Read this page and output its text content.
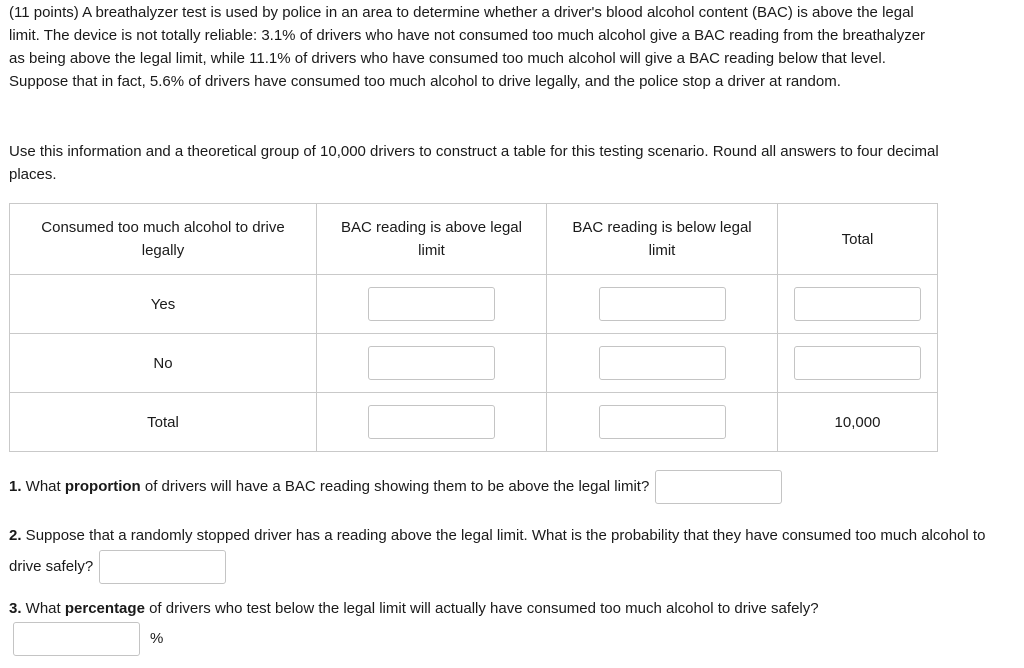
(11 points) A breathalyzer test is used by police in an area to determine whether a driver's blood alcohol content (BAC) is above the legal limit. The device is not totally reliable: 3.1% of drivers who have not consumed too much alcohol give a BAC reading from the breathalyzer as being above the legal limit, while 11.1% of drivers who have consumed too much alcohol will give a BAC reading below that level. Suppose that in fact, 5.6% of drivers have consumed too much alcohol to drive legally, and the police stop a driver at random.

Use this information and a theoretical group of 10,000 drivers to construct a table for this testing scenario. Round all answers to four decimal places.

Consumed too much alcohol to drive legally	BAC reading is above legal limit	BAC reading is below legal limit	Total
Yes			
No			
Total			10,000

1. What proportion of drivers will have a BAC reading showing them to be above the legal limit?

2. Suppose that a randomly stopped driver has a reading above the legal limit. What is the probability that they have consumed too much alcohol to drive safely?

3. What percentage of drivers who test below the legal limit will actually have consumed too much alcohol to drive safely?
%
